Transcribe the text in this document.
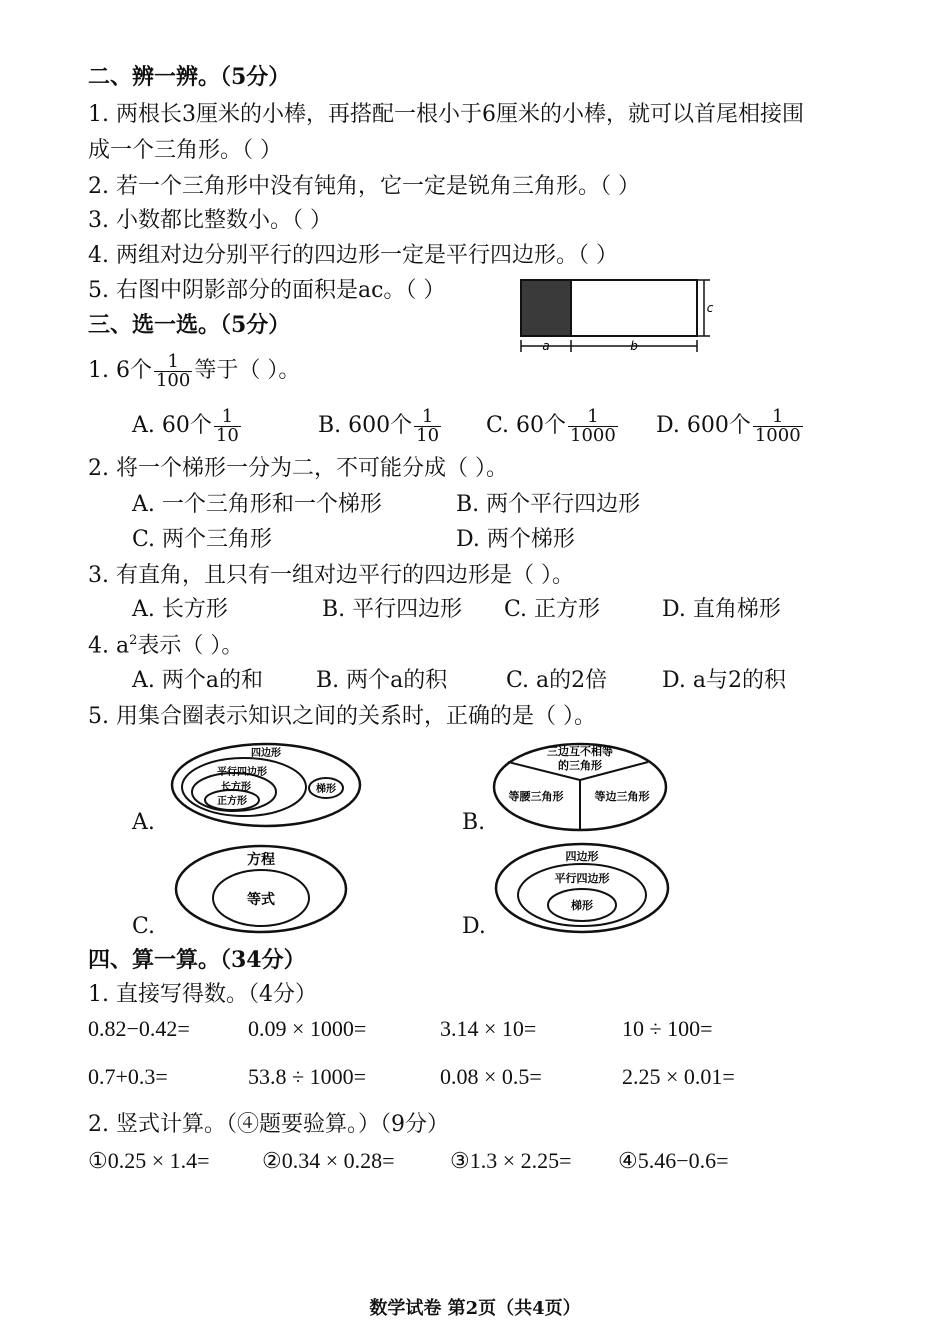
二、辨一辨。（5分）
1. 两根长3厘米的小棒，再搭配一根小于6厘米的小棒，就可以首尾相接围
成一个三角形。（ ）
2. 若一个三角形中没有钝角，它一定是锐角三角形。（ ）
3. 小数都比整数小。（ ）
4. 两组对边分别平行的四边形一定是平行四边形。（ ）
5. 右图中阴影部分的面积是ac。（ ）
a	b
c
三、选一选。（5分）
1. 6个 $\frac{1}{100}$ 等于（ ）。
A. 60个 $\frac{1}{10}$	B. 600个 $\frac{1}{10} C$. 60个 $\frac{1}{1000} D$. 600个 $\frac{1}{1000}$
2. 将一个梯形一分为二，不可能分成（ ）。
A. 一个三角形和一个梯形	B. 两个平行四边形
C. 两个三角形	D. 两个梯形
3. 有直角，且只有一组对边平行的四边形是（ ）。
A. 长方形	B. 平行四边形 C. 正方形	D. 直角梯形
4. $a^2$表示（ ）。
A. 两个a的和 B. 两个a的积	C. a的2倍 D. a与2的积
5. 用集合圈表示知识之间的关系时，正确的是（ ）。
A.
四边形
平行四边形
长方形
正方形
梯形
B.
三边互不相等
的三角形
等腰三角形	等边三角形
C.
方程
等式
D.
四边形
平行四边形
梯形
四、算一算。（34分）
1. 直接写得数。（4分）
0.82−0.42=	0.09 × 1000=	3.14 × 10=	10 ÷ 100=
0.7+0.3=	53.8 ÷ 1000=	0.08 × 0.5=	2.25 × 0.01=
2. 竖式计算。（④题要验算。）（9分）
①0.25 × 1.4= ②0.34 × 0.28=	③1.3 × 2.25= ④5.46−0.6=
数学试卷 第2页（共4页）
